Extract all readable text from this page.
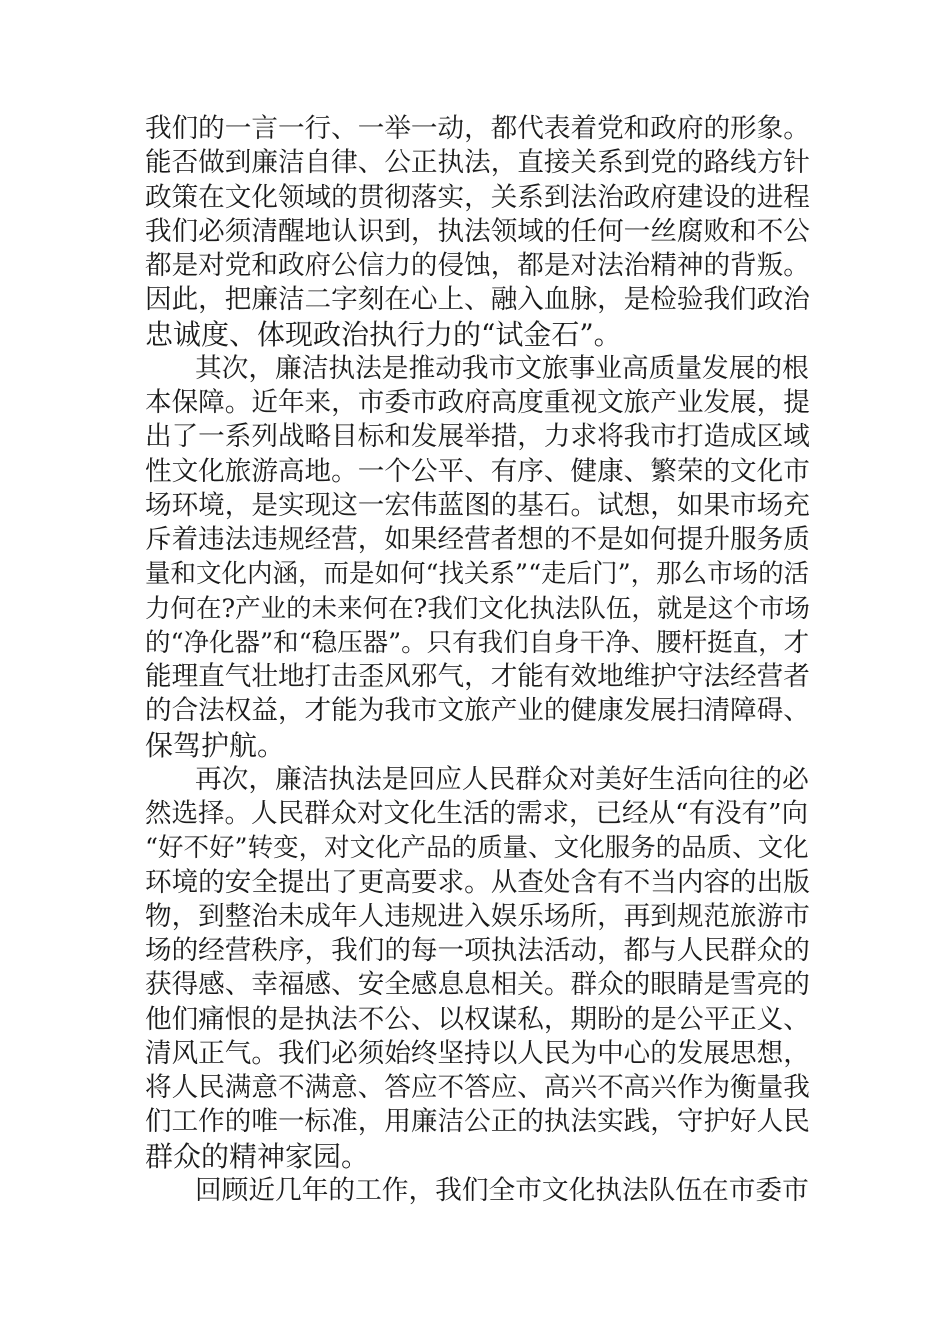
我们的一言一行、一举一动，都代表着党和政府的形象。
能否做到廉洁自律、公正执法，直接关系到党的路线方针
政策在文化领域的贯彻落实，关系到法治政府建设的进程
我们必须清醒地认识到，执法领域的任何一丝腐败和不公
都是对党和政府公信力的侵蚀，都是对法治精神的背叛。
因此，把廉洁二字刻在心上、融入血脉，是检验我们政治
忠诚度、体现政治执行力的“试金石”。
其次，廉洁执法是推动我市文旅事业高质量发展的根
本保障。近年来，市委市政府高度重视文旅产业发展，提
出了一系列战略目标和发展举措，力求将我市打造成区域
性文化旅游高地。一个公平、有序、健康、繁荣的文化市
场环境，是实现这一宏伟蓝图的基石。试想，如果市场充
斥着违法违规经营，如果经营者想的不是如何提升服务质
量和文化内涵，而是如何“找关系”“走后门”，那么市场的活
力何在?产业的未来何在?我们文化执法队伍，就是这个市场
的“净化器”和“稳压器”。只有我们自身干净、腰杆挺直，才
能理直气壮地打击歪风邪气，才能有效地维护守法经营者
的合法权益，才能为我市文旅产业的健康发展扫清障碍、
保驾护航。
再次，廉洁执法是回应人民群众对美好生活向往的必
然选择。人民群众对文化生活的需求，已经从“有没有”向
“好不好”转变，对文化产品的质量、文化服务的品质、文化
环境的安全提出了更高要求。从查处含有不当内容的出版
物，到整治未成年人违规进入娱乐场所，再到规范旅游市
场的经营秩序，我们的每一项执法活动，都与人民群众的
获得感、幸福感、安全感息息相关。群众的眼睛是雪亮的
他们痛恨的是执法不公、以权谋私，期盼的是公平正义、
清风正气。我们必须始终坚持以人民为中心的发展思想，
将人民满意不满意、答应不答应、高兴不高兴作为衡量我
们工作的唯一标准，用廉洁公正的执法实践，守护好人民
群众的精神家园。
回顾近几年的工作，我们全市文化执法队伍在市委市
